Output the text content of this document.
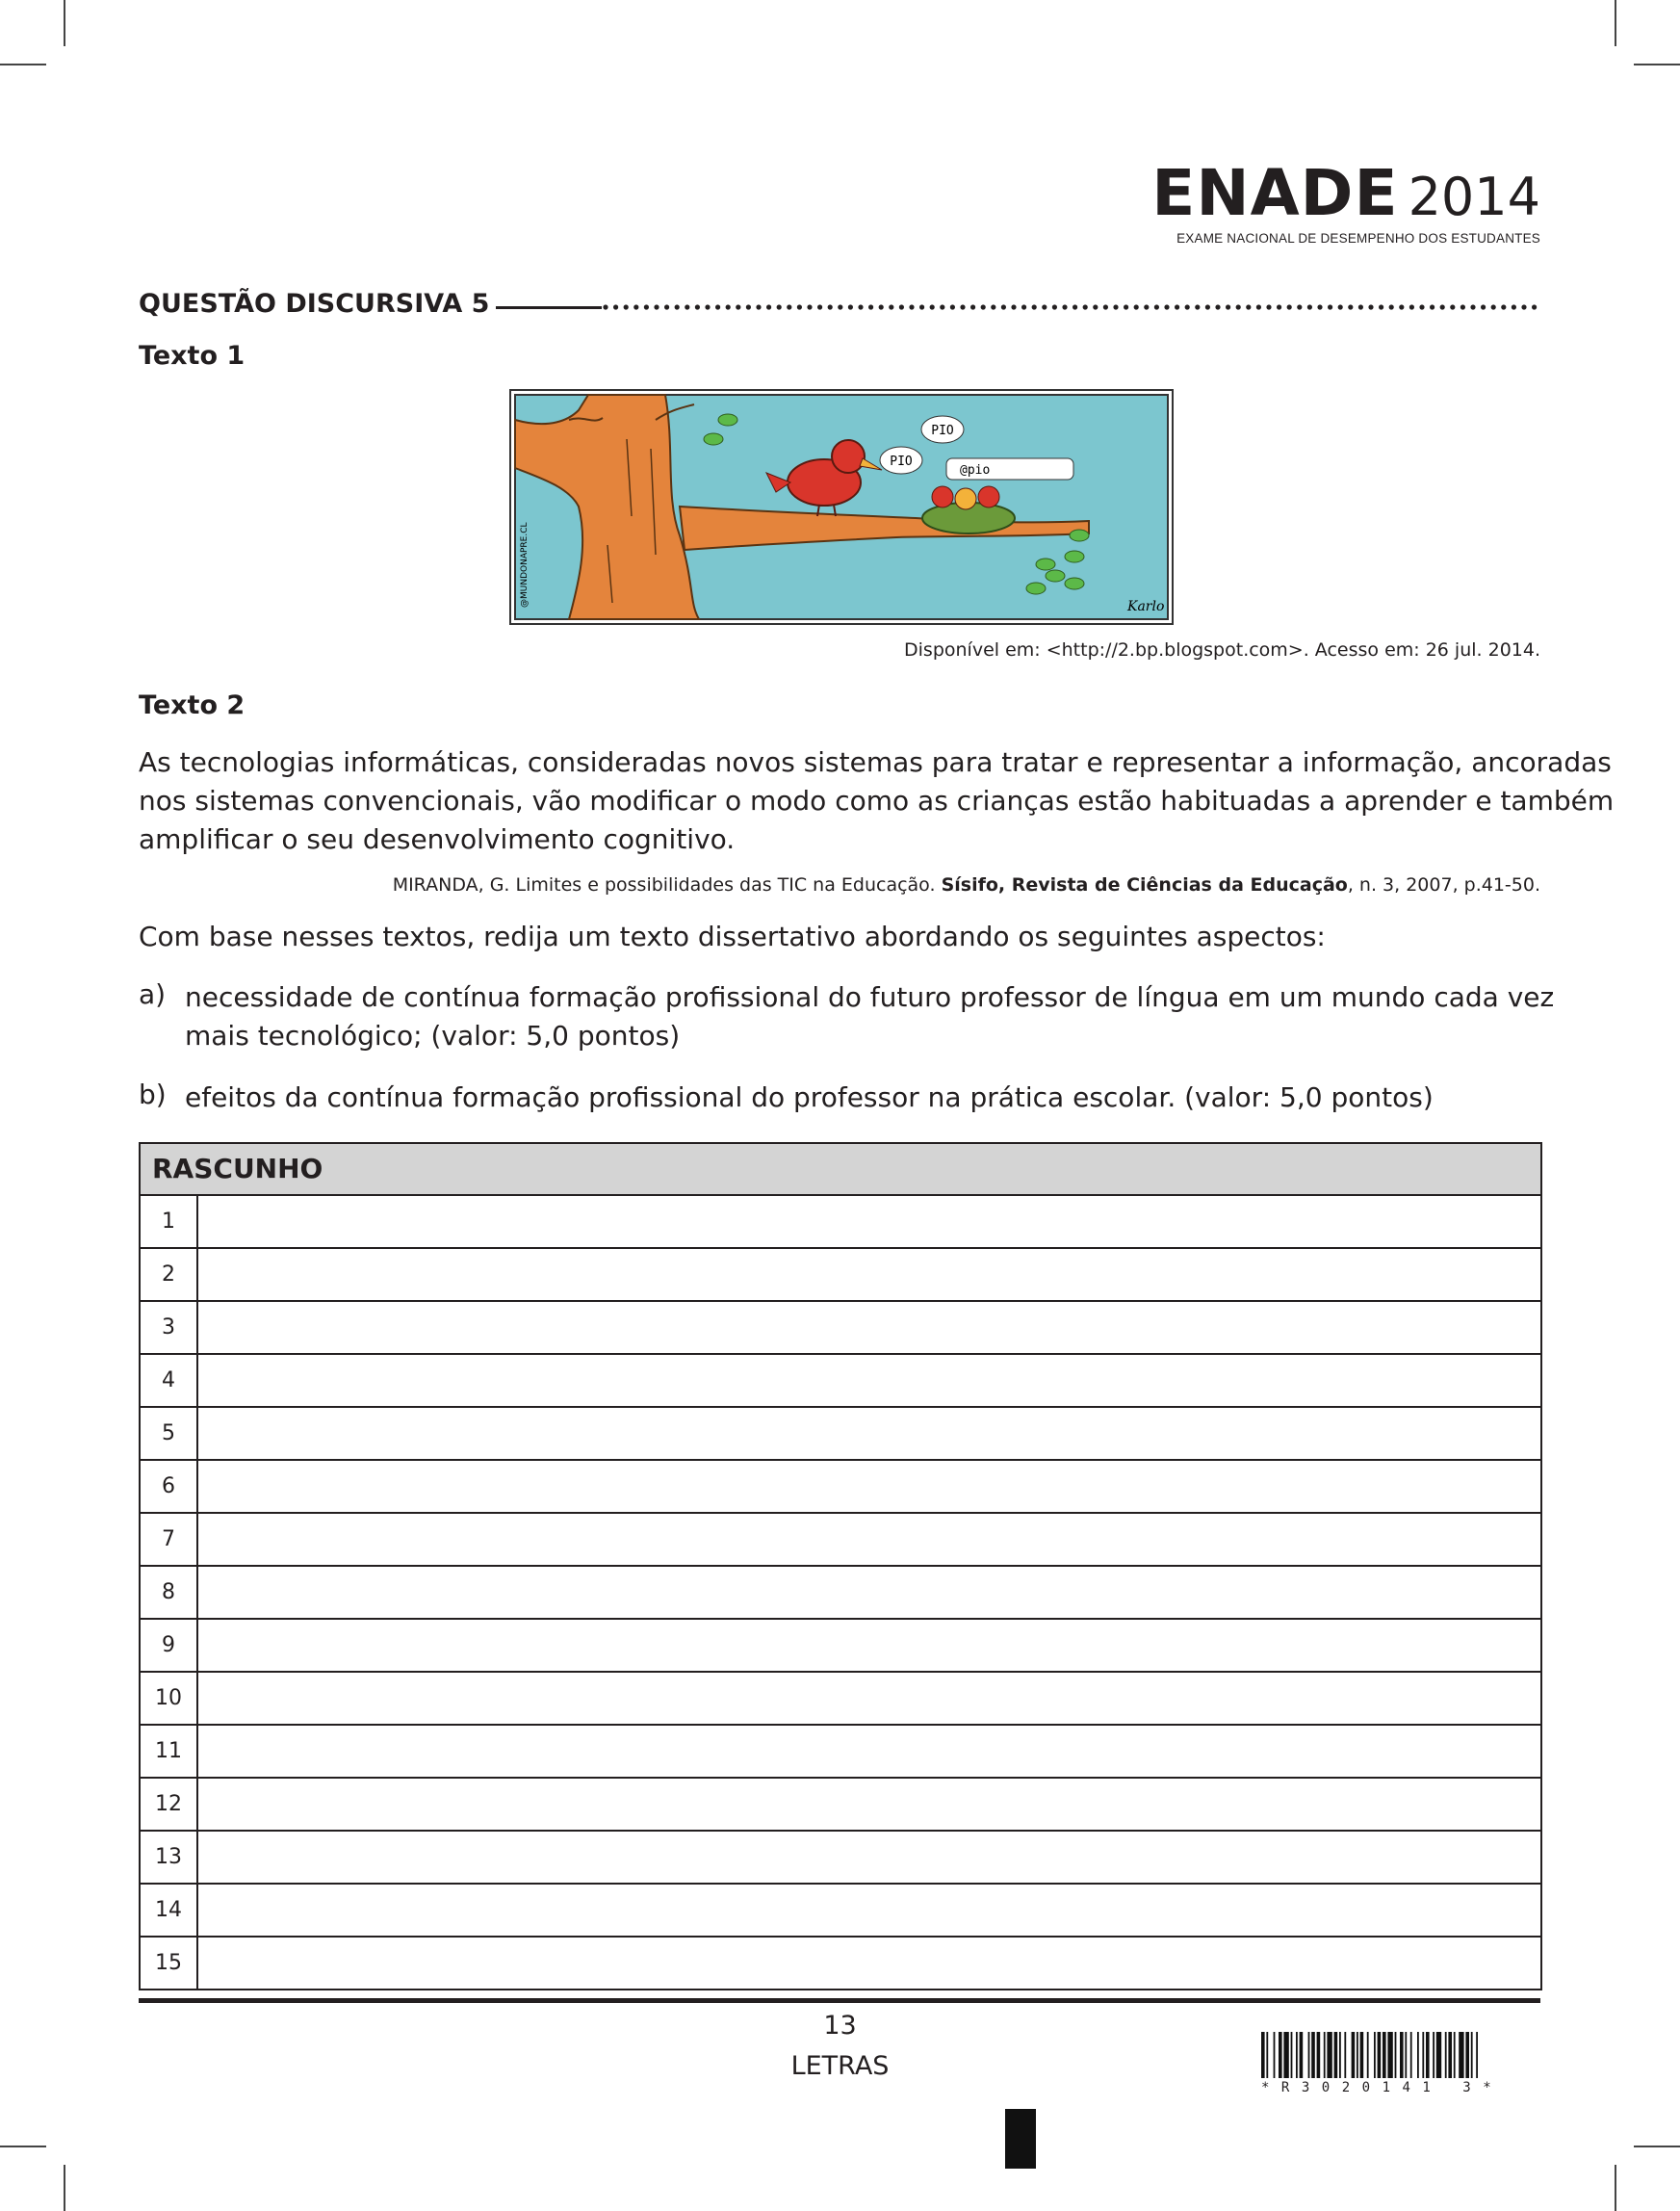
ENADE 2014
EXAME NACIONAL DE DESEMPENHO DOS ESTUDANTES
QUESTÃO DISCURSIVA 5
Texto 1
PIO
PIO
@pio
@MUNDONAPRE.CL	Karlo
Disponível em: <http://2.bp.blogspot.com>. Acesso em: 26 jul. 2014.
Texto 2
As tecnologias informáticas, consideradas novos sistemas para tratar e representar a informação, ancoradas
nos sistemas convencionais, vão modificar o modo como as crianças estão habituadas a aprender e também
amplificar o seu desenvolvimento cognitivo.
MIRANDA, G. Limites e possibilidades das TIC na Educação. Sísifo, Revista de Ciências da Educação, n. 3, 2007, p.41-50.
Com base nesses textos, redija um texto dissertativo abordando os seguintes aspectos:
a) necessidade de contínua formação profissional do futuro professor de língua em um mundo cada vez
mais tecnológico; (valor: 5,0 pontos)
b) efeitos da contínua formação profissional do professor na prática escolar. (valor: 5,0 pontos)
RASCUNHO
1
2
3
4
5
6
7
8
9
10
11
12
13
14
15
13
LETRAS
*R3020141 3*
